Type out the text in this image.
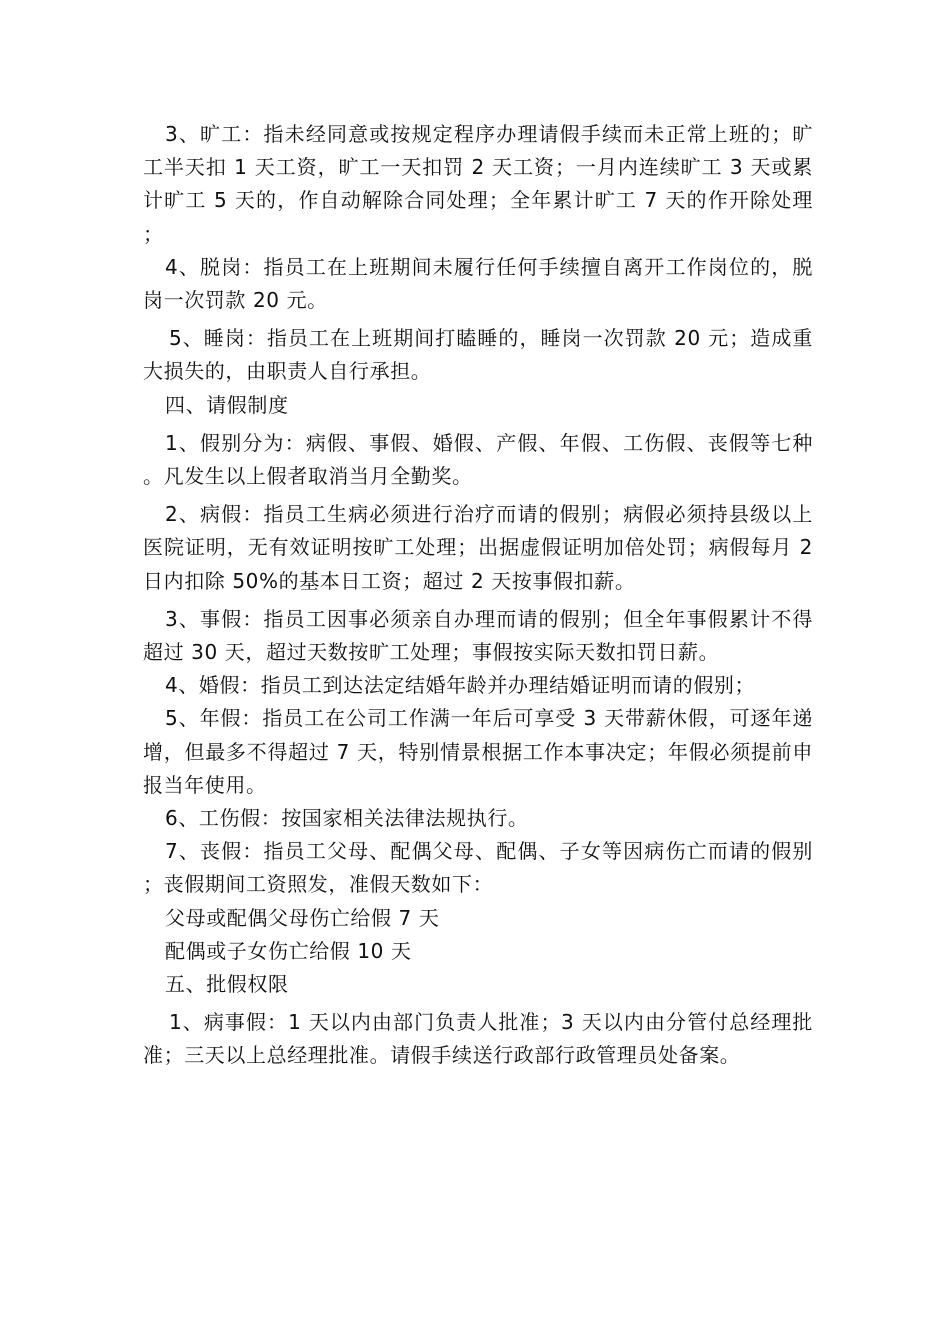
3、旷工：指未经同意或按规定程序办理请假手续而未正常上班的；旷工半天扣 1 天工资，旷工一天扣罚 2 天工资；一月内连续旷工 3 天或累计旷工 5 天的，作自动解除合同处理；全年累计旷工 7 天的作开除处理；

4、脱岗：指员工在上班期间未履行任何手续擅自离开工作岗位的，脱岗一次罚款 20 元。

5、睡岗：指员工在上班期间打瞌睡的，睡岗一次罚款 20 元；造成重大损失的，由职责人自行承担。

四、请假制度

1、假别分为：病假、事假、婚假、产假、年假、工伤假、丧假等七种。凡发生以上假者取消当月全勤奖。

2、病假：指员工生病必须进行治疗而请的假别；病假必须持县级以上医院证明，无有效证明按旷工处理；出据虚假证明加倍处罚；病假每月 2 日内扣除 50%的基本日工资；超过 2 天按事假扣薪。

3、事假：指员工因事必须亲自办理而请的假别；但全年事假累计不得超过 30 天，超过天数按旷工处理；事假按实际天数扣罚日薪。

4、婚假：指员工到达法定结婚年龄并办理结婚证明而请的假别；

5、年假：指员工在公司工作满一年后可享受 3 天带薪休假，可逐年递增，但最多不得超过 7 天，特别情景根据工作本事决定；年假必须提前申报当年使用。

6、工伤假：按国家相关法律法规执行。

7、丧假：指员工父母、配偶父母、配偶、子女等因病伤亡而请的假别；丧假期间工资照发，准假天数如下：

父母或配偶父母伤亡给假 7 天

配偶或子女伤亡给假 10 天

五、批假权限

1、病事假：1 天以内由部门负责人批准；3 天以内由分管付总经理批准；三天以上总经理批准。请假手续送行政部行政管理员处备案。
